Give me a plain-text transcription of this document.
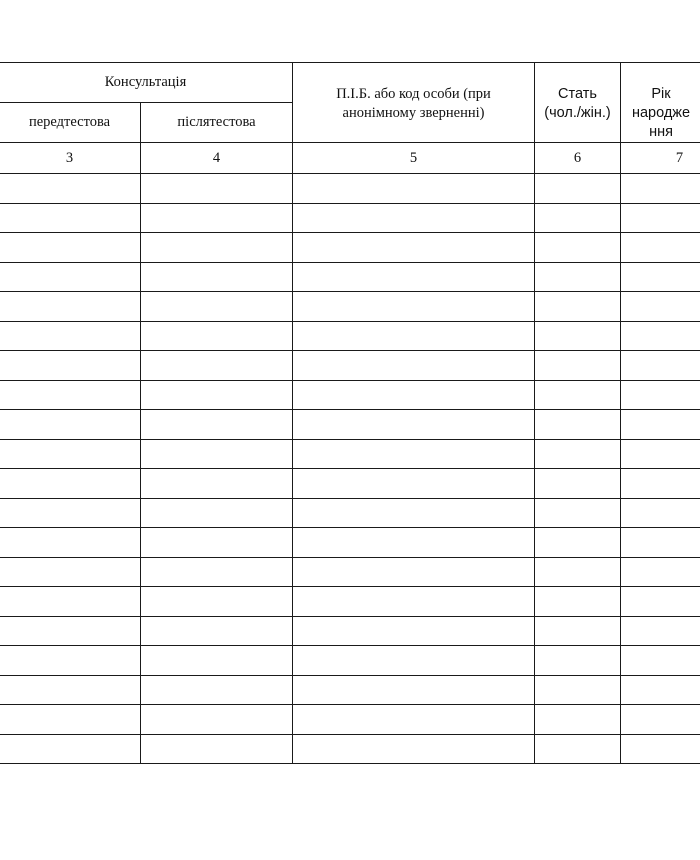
Консультація		П.І.Б. або код особи (при анонімному зверненні)	Стать (чол./жін.)	Рік народження
передтестова	післятестова			
3	4	5	6	7
